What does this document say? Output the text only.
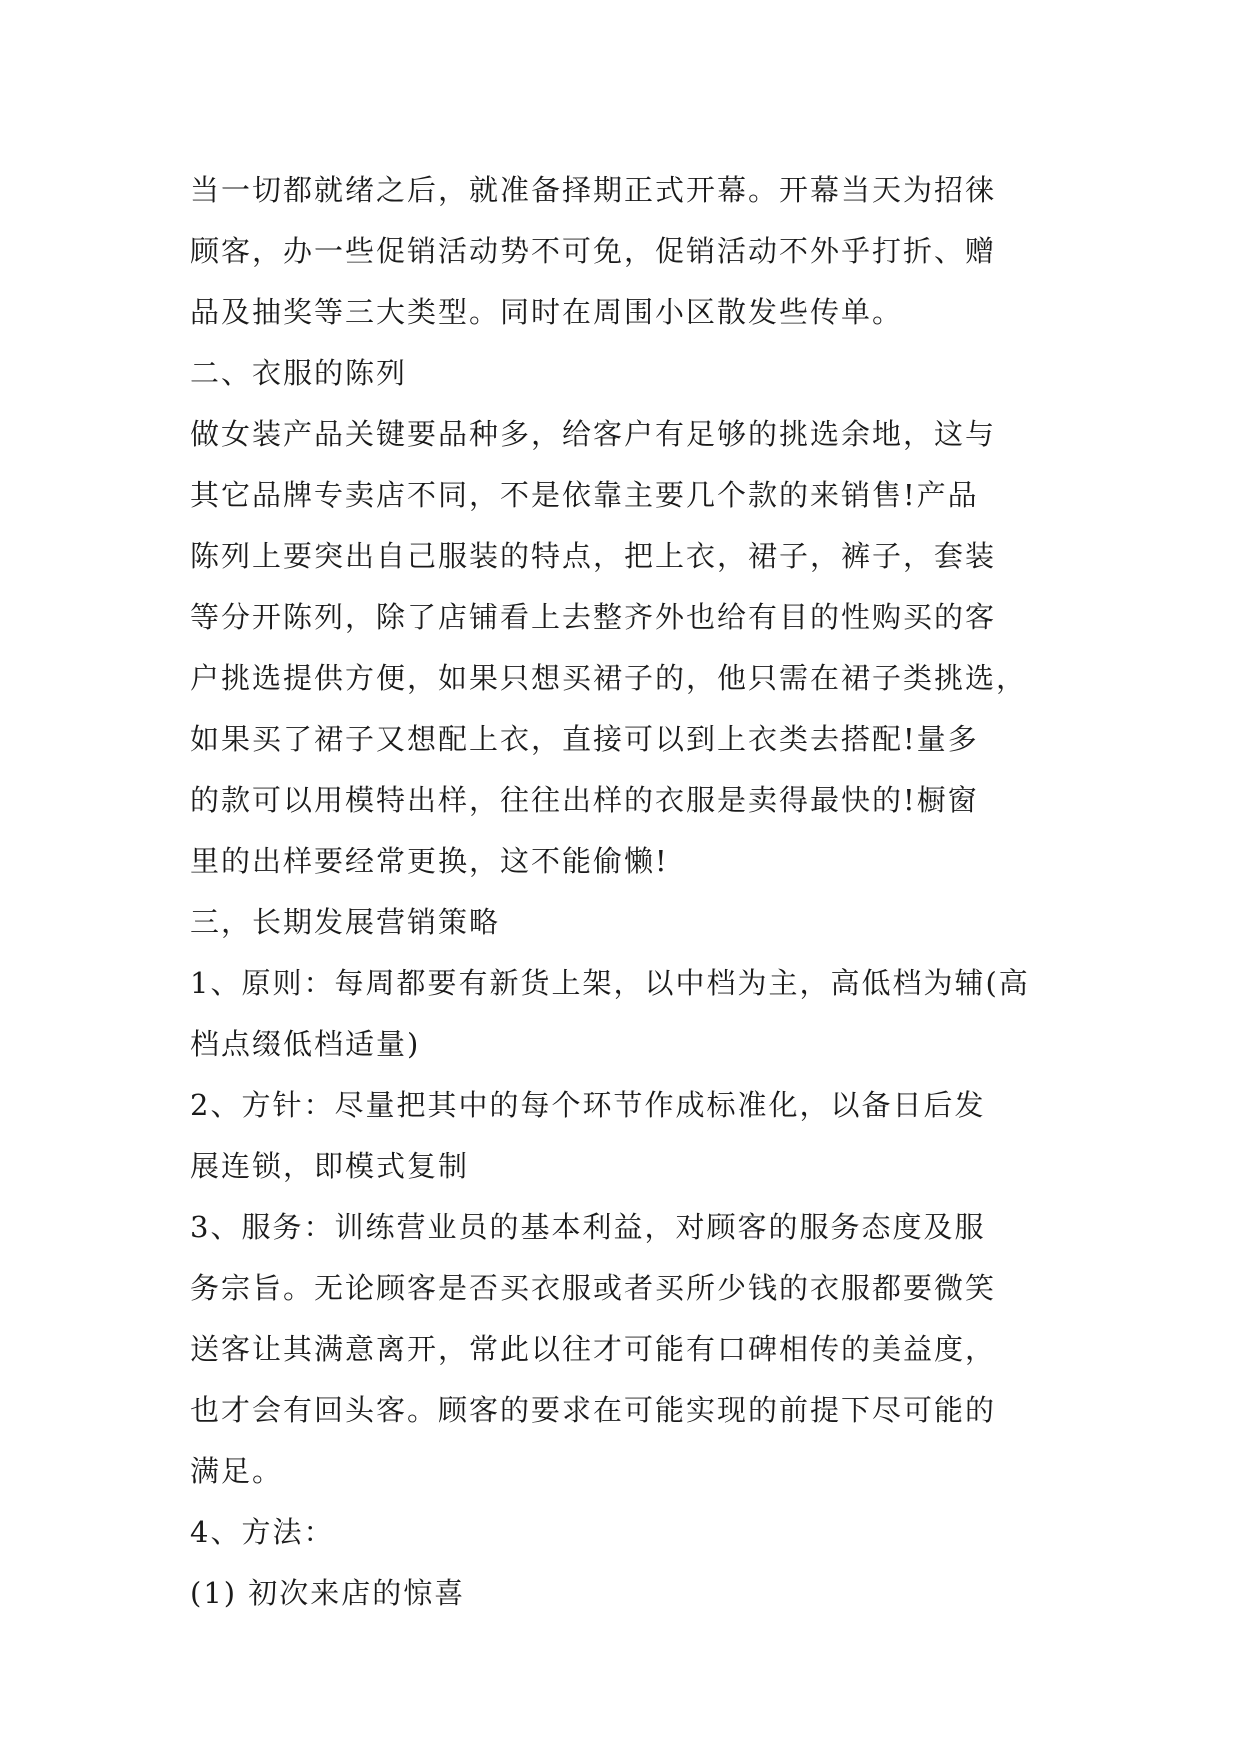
当一切都就绪之后，就准备择期正式开幕。开幕当天为招徕
顾客，办一些促销活动势不可免，促销活动不外乎打折、赠
品及抽奖等三大类型。同时在周围小区散发些传单。
二、衣服的陈列
做女装产品关键要品种多，给客户有足够的挑选余地，这与
其它品牌专卖店不同，不是依靠主要几个款的来销售!产品
陈列上要突出自己服装的特点，把上衣，裙子，裤子，套装
等分开陈列，除了店铺看上去整齐外也给有目的性购买的客
户挑选提供方便，如果只想买裙子的，他只需在裙子类挑选，
如果买了裙子又想配上衣，直接可以到上衣类去搭配!量多
的款可以用模特出样，往往出样的衣服是卖得最快的!橱窗
里的出样要经常更换，这不能偷懒!
三，长期发展营销策略
1、原则：每周都要有新货上架，以中档为主，高低档为辅(高
档点缀低档适量)
2、方针：尽量把其中的每个环节作成标准化，以备日后发
展连锁，即模式复制
3、服务：训练营业员的基本利益，对顾客的服务态度及服
务宗旨。无论顾客是否买衣服或者买所少钱的衣服都要微笑
送客让其满意离开，常此以往才可能有口碑相传的美益度，
也才会有回头客。顾客的要求在可能实现的前提下尽可能的
满足。
4、方法：
(1) 初次来店的惊喜
